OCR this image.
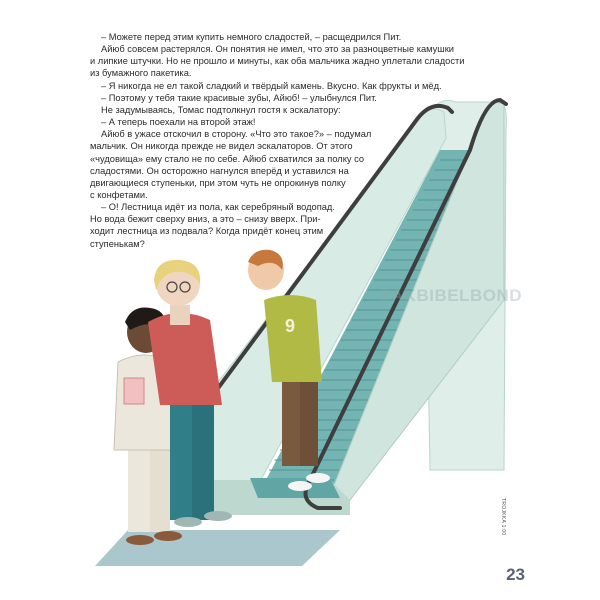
9

– Можете перед этим купить немного сладостей, – расщедрился Пит.

Айюб совсем растерялся. Он понятия не имел, что это за разноцветные камушки

и липкие штучки. Но не прошло и минуты, как оба мальчика жадно уплетали сладости

из бумажного пакетика.

– Я никогда не ел такой сладкий и твёрдый камень. Вкусно. Как фрукты и мёд.

– Поэтому у тебя такие красивые зубы, Айюб! – улыбнулся Пит.

Не задумываясь, Томас подтолкнул гостя к эскалатору:

– А теперь поехали на второй этаж!

Айюб в ужасе отскочил в сторону. «Что это такое?» – подумал

мальчик. Он никогда прежде не видел эскалаторов. От этого

«чудовища» ему стало не по себе. Айюб схватился за полку со

сладостями. Он осторожно нагнулся вперёд и уставился на

двигающиеся ступеньки, при этом чуть не опрокинув полку

с конфетами.

– О! Лестница идёт из пола, как серебряный водопад.

Но вода бежит сверху вниз, а это – снизу вверх. При-

ходит лестница из подвала? Когда придёт конец этим

ступенькам?

ZAKBIBELBOND
TROJKKA 1:00
23
